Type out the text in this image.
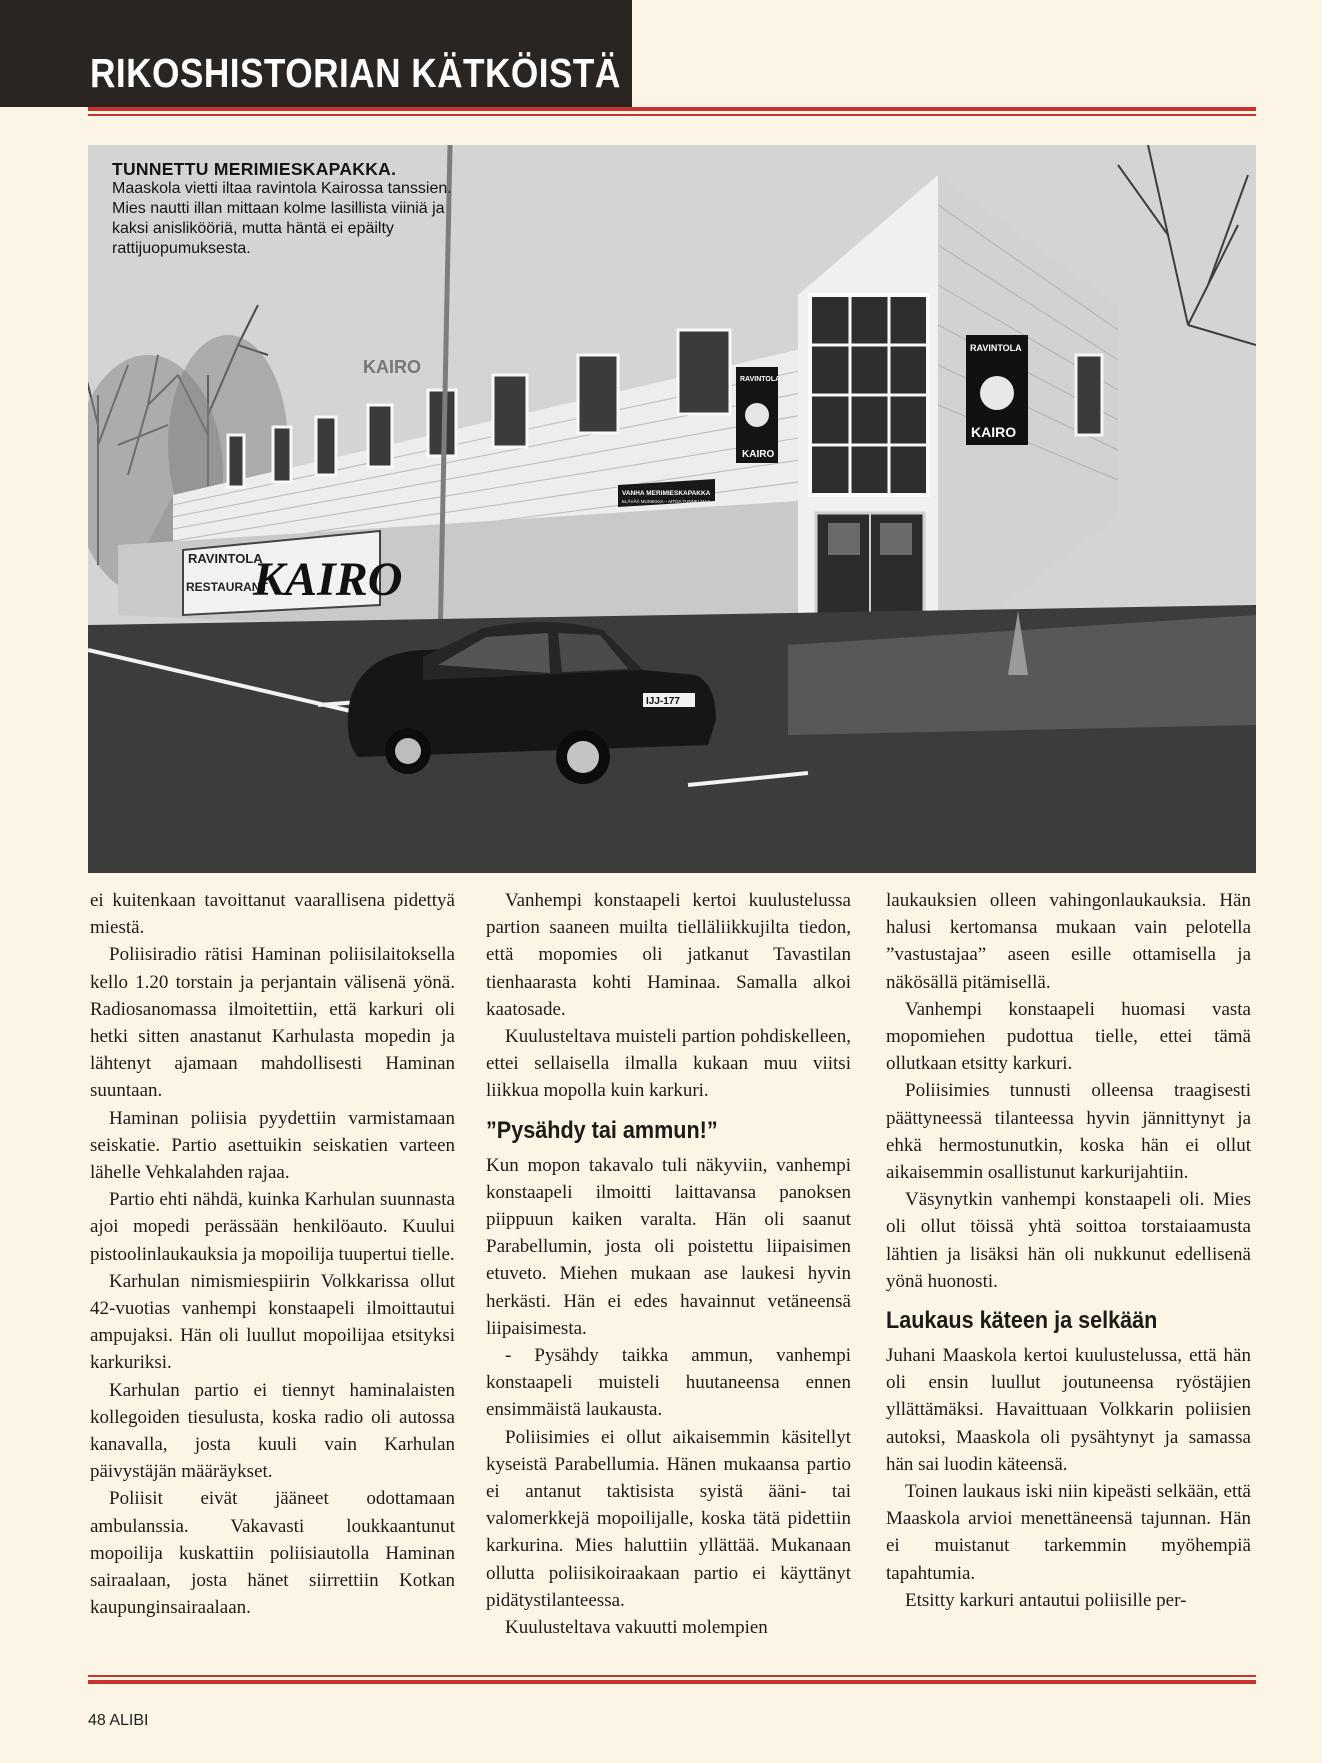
RIKOSHISTORIAN KÄTKÖISTÄ
RAVINTOLA
RESTAURANT
KAIRO
KAIRO
RAVINTOLA
KAIRO
VANHA MERIMIESKAPAKKA
ELÄVÄÄ MUSIIKKIA – AITOA TUNNELMAA
RAVINTOLA
KAIRO
IJJ-177
TUNNETTU MERIMIESKAPAKKA.
Maaskola vietti iltaa ravintola Kairossa tanssien. Mies nautti illan mittaan kolme lasillista viiniä ja kaksi anislikööriä, mutta häntä ei epäilty rattijuopumuksesta.

ei kuitenkaan tavoittanut vaarallisena pidettyä miestä.

Poliisiradio rätisi Haminan poliisilaitoksella kello 1.20 torstain ja perjantain välisenä yönä. Radiosanomassa ilmoitettiin, että karkuri oli hetki sitten anastanut Karhulasta mopedin ja lähtenyt ajamaan mahdollisesti Haminan suuntaan.

Haminan poliisia pyydettiin varmistamaan seiskatie. Partio asettuikin seiskatien varteen lähelle Vehkalahden rajaa.

Partio ehti nähdä, kuinka Karhulan suunnasta ajoi mopedi perässään henkilöauto. Kuului pistoolinlaukauksia ja mopoilija tuupertui tielle.

Karhulan nimismiespiirin Volkkarissa ollut 42-vuotias vanhempi konstaapeli ilmoittautui ampujaksi. Hän oli luullut mopoilijaa etsityksi karkuriksi.

Karhulan partio ei tiennyt haminalaisten kollegoiden tiesulusta, koska radio oli autossa kanavalla, josta kuuli vain Karhulan päivystäjän määräykset.

Poliisit eivät jääneet odottamaan ambulanssia. Vakavasti loukkaantunut mopoilija kuskattiin poliisiautolla Haminan sairaalaan, josta hänet siirrettiin Kotkan kaupunginsairaalaan.

Vanhempi konstaapeli kertoi kuulustelussa partion saaneen muilta tielläliikkujilta tiedon, että mopomies oli jatkanut Tavastilan tienhaarasta kohti Haminaa. Samalla alkoi kaatosade.

Kuulusteltava muisteli partion pohdiskelleen, ettei sellaisella ilmalla kukaan muu viitsi liikkua mopolla kuin karkuri.

”Pysähdy tai ammun!”

Kun mopon takavalo tuli näkyviin, vanhempi konstaapeli ilmoitti laittavansa panoksen piippuun kaiken varalta. Hän oli saanut Parabellumin, josta oli poistettu liipaisimen etuveto. Miehen mukaan ase laukesi hyvin herkästi. Hän ei edes havainnut vetäneensä liipaisimesta.

- Pysähdy taikka ammun, vanhempi konstaapeli muisteli huutaneensa ennen ensimmäistä laukausta.

Poliisimies ei ollut aikaisemmin käsitellyt kyseistä Parabellumia. Hänen mukaansa partio ei antanut taktisista syistä ääni- tai valomerkkejä mopoilijalle, koska tätä pidettiin karkurina. Mies haluttiin yllättää. Mukanaan ollutta poliisikoiraakaan partio ei käyttänyt pidätystilanteessa.

Kuulusteltava vakuutti molempien

laukauksien olleen vahingonlaukauksia. Hän halusi kertomansa mukaan vain pelotella ”vastustajaa” aseen esille ottamisella ja näkösällä pitämisellä.

Vanhempi konstaapeli huomasi vasta mopomiehen pudottua tielle, ettei tämä ollutkaan etsitty karkuri.

Poliisimies tunnusti olleensa traagisesti päättyneessä tilanteessa hyvin jännittynyt ja ehkä hermostunutkin, koska hän ei ollut aikaisemmin osallistunut karkurijahtiin.

Väsynytkin vanhempi konstaapeli oli. Mies oli ollut töissä yhtä soittoa torstaiaamusta lähtien ja lisäksi hän oli nukkunut edellisenä yönä huonosti.

Laukaus käteen ja selkään

Juhani Maaskola kertoi kuulustelussa, että hän oli ensin luullut joutuneensa ryöstäjien yllättämäksi. Havaittuaan Volkkarin poliisien autoksi, Maaskola oli pysähtynyt ja samassa hän sai luodin käteensä.

Toinen laukaus iski niin kipeästi selkään, että Maaskola arvioi menettäneensä tajunnan. Hän ei muistanut tarkemmin myöhempiä tapahtumia.

Etsitty karkuri antautui poliisille per-

48 ALIBI
